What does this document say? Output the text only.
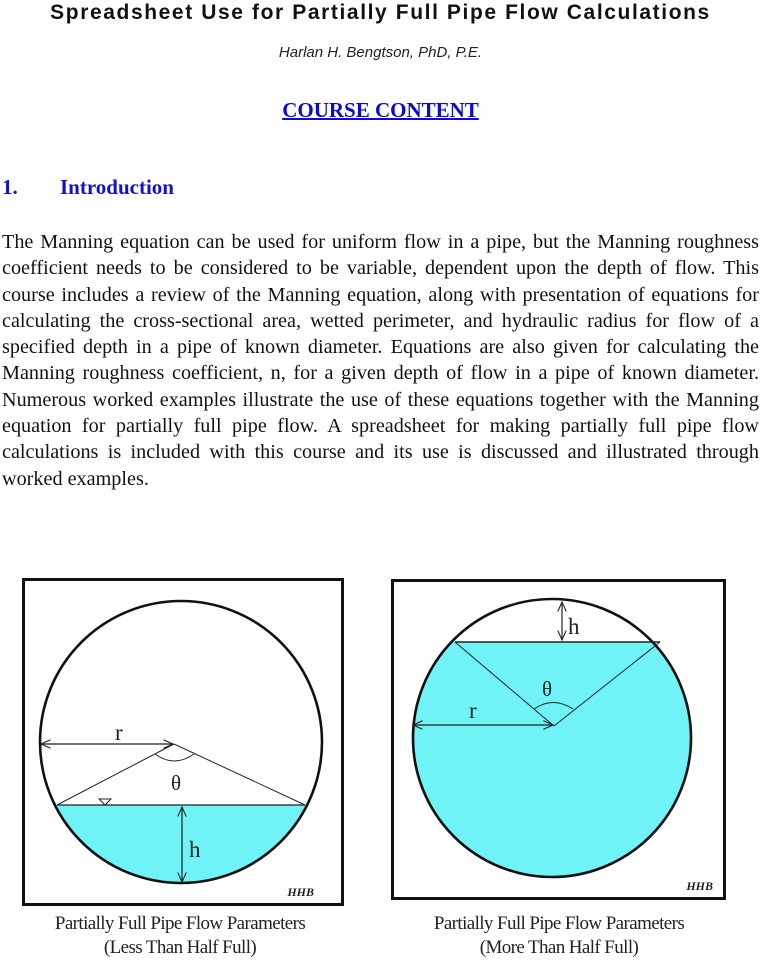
Spreadsheet Use for Partially Full Pipe Flow Calculations
Harlan H. Bengtson, PhD, P.E.
COURSE CONTENT
1. Introduction
The Manning equation can be used for uniform flow in a pipe, but the Manning roughness coefficient needs to be considered to be variable, dependent upon the depth of flow. This course includes a review of the Manning equation, along with presentation of equations for calculating the cross-sectional area, wetted perimeter, and hydraulic radius for flow of a specified depth in a pipe of known diameter. Equations are also given for calculating the Manning roughness coefficient, n, for a given depth of flow in a pipe of known diameter. Numerous worked examples illustrate the use of these equations together with the Manning equation for partially full pipe flow. A spreadsheet for making partially full pipe flow calculations is included with this course and its use is discussed and illustrated through worked examples.
r
θ
h
HHB
Partially Full Pipe Flow Parameters
(Less Than Half Full)
r
θ
h
HHB
Partially Full Pipe Flow Parameters
(More Than Half Full)
